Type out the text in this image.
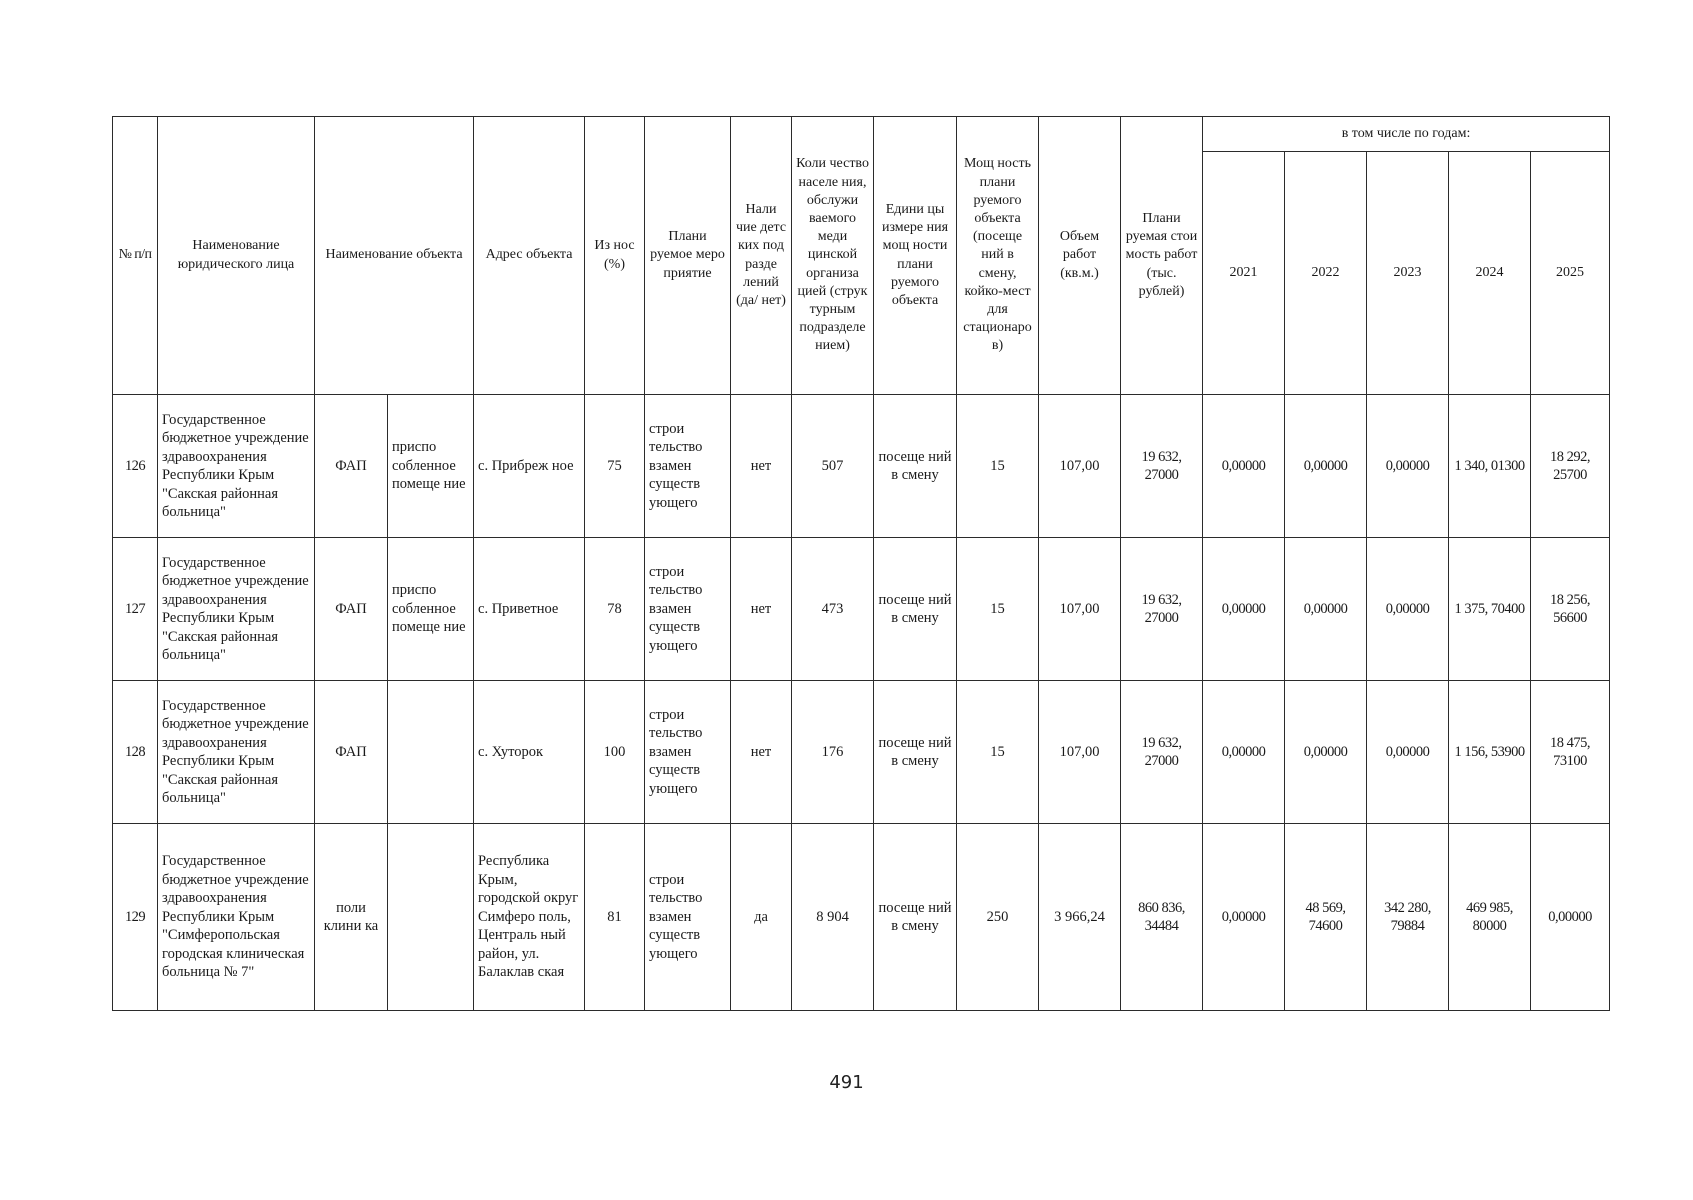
№ п/п	Наименование юридического лица	Наименование объекта		Адрес объекта	Из нос (%)	Плани руемое меро приятие	Нали чие детс ких под разде лений (да/ нет)	Коли чество населе ния, обслужи ваемого меди цинской организа цией (струк турным подразделе нием)	Едини цы измере ния мощ ности плани руемого объекта	Мощ ность плани руемого объекта (посеще ний в смену, койко-мест для стационаров)	Объем работ (кв.м.)	Плани руемая стои мость работ (тыс. рублей)	в том числе по годам:				
													2021	2022	2023	2024	2025
126	Государственное бюджетное учреждение здравоохранения Республики Крым "Сакская районная больница"	ФАП	приспо собленное помеще ние	с. Прибреж ное	75	строи тельство взамен существ ующего	нет	507	посеще ний в смену	15	107,00	19 632, 27000	0,00000	0,00000	0,00000	1 340, 01300	18 292, 25700
127	Государственное бюджетное учреждение здравоохранения Республики Крым "Сакская районная больница"	ФАП	приспо собленное помеще ние	с. Приветное	78	строи тельство взамен существ ующего	нет	473	посеще ний в смену	15	107,00	19 632, 27000	0,00000	0,00000	0,00000	1 375, 70400	18 256, 56600
128	Государственное бюджетное учреждение здравоохранения Республики Крым "Сакская районная больница"	ФАП		с. Хуторок	100	строи тельство взамен существ ующего	нет	176	посеще ний в смену	15	107,00	19 632, 27000	0,00000	0,00000	0,00000	1 156, 53900	18 475, 73100
129	Государственное бюджетное учреждение здравоохранения Республики Крым "Симферопольская городская клиническая больница № 7"	поли клини ка		Республика Крым, городской округ Симферо поль, Централь ный район, ул. Балаклав ская	81	строи тельство взамен существ ующего	да	8 904	посеще ний в смену	250	3 966,24	860 836, 34484	0,00000	48 569, 74600	342 280, 79884	469 985, 80000	0,00000
491
